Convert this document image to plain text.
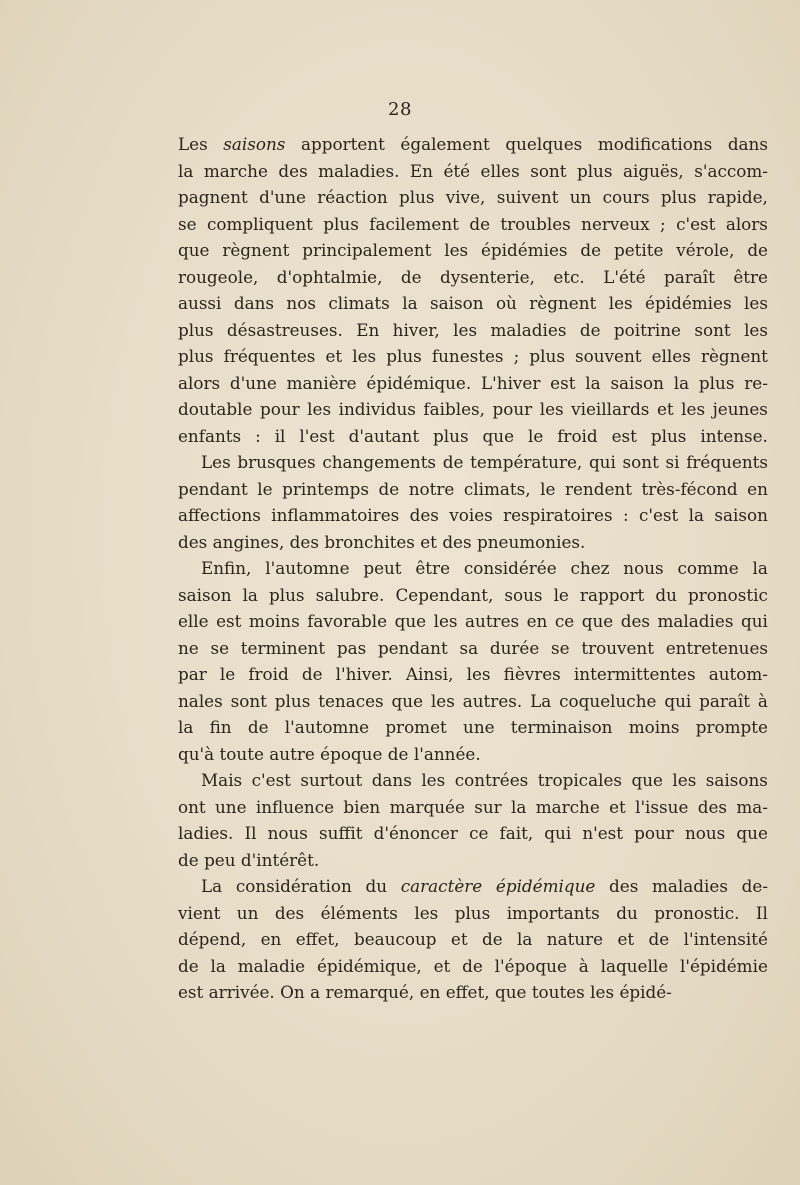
28
Les saisons apportent également quelques modifications dans
la marche des maladies. En été elles sont plus aiguës, s'accom-
pagnent d'une réaction plus vive, suivent un cours plus rapide,
se compliquent plus facilement de troubles nerveux ; c'est alors
que règnent principalement les épidémies de petite vérole, de
rougeole, d'ophtalmie, de dysenterie, etc. L'été paraît être
aussi dans nos climats la saison où règnent les épidémies les
plus désastreuses. En hiver, les maladies de poitrine sont les
plus fréquentes et les plus funestes ; plus souvent elles règnent
alors d'une manière épidémique. L'hiver est la saison la plus re-
doutable pour les individus faibles, pour les vieillards et les jeunes
enfants : il l'est d'autant plus que le froid est plus intense.
Les brusques changements de température, qui sont si fréquents
pendant le printemps de notre climats, le rendent très-fécond en
affections inflammatoires des voies respiratoires : c'est la saison
des angines, des bronchites et des pneumonies.
Enfin, l'automne peut être considérée chez nous comme la
saison la plus salubre. Cependant, sous le rapport du pronostic
elle est moins favorable que les autres en ce que des maladies qui
ne se terminent pas pendant sa durée se trouvent entretenues
par le froid de l'hiver. Ainsi, les fièvres intermittentes autom-
nales sont plus tenaces que les autres. La coqueluche qui paraît à
la fin de l'automne promet une terminaison moins prompte
qu'à toute autre époque de l'année.
Mais c'est surtout dans les contrées tropicales que les saisons
ont une influence bien marquée sur la marche et l'issue des ma-
ladies. Il nous suffit d'énoncer ce fait, qui n'est pour nous que
de peu d'intérêt.
La considération du caractère épidémique des maladies de-
vient un des éléments les plus importants du pronostic. Il
dépend, en effet, beaucoup et de la nature et de l'intensité
de la maladie épidémique, et de l'époque à laquelle l'épidémie
est arrivée. On a remarqué, en effet, que toutes les épidé-
